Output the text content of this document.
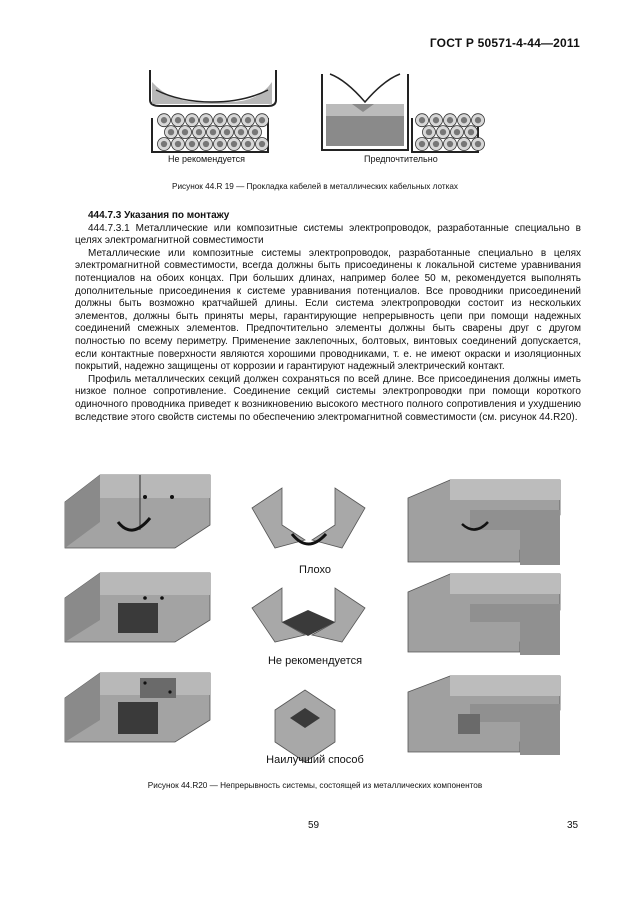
ГОСТ Р 50571-4-44—2011
Не рекомендуется	Предпочтительно
Рисунок 44.R 19 — Прокладка кабелей в металлических кабельных лотках

444.7.3 Указания по монтажу

444.7.3.1 Металлические или композитные системы электропроводок, разработанные специально в целях электромагнитной совместимости

Металлические или композитные системы электропроводок, разработанные специально в целях электромагнитной совместимости, всегда должны быть присоединены к локальной системе уравнивания потенциалов на обоих концах. При больших длинах, например более 50 м, рекомендуется выполнять дополнительные присоединения к системе уравнивания потенциалов. Все проводники присоединений должны быть возможно кратчайшей длины. Если система электропроводки состоит из нескольких элементов, должны быть приняты меры, гарантирующие непрерывность цепи при помощи надежных соединений смежных элементов. Предпочтительно элементы должны быть сварены друг с другом полностью по всему периметру. Применение заклепочных, болтовых, винтовых соединений допускается, если контактные поверхности являются хорошими проводниками, т. е. не имеют окраски и изоляционных покрытий, надежно защищены от коррозии и гарантируют надежный электрический контакт.

Профиль металлических секций должен сохраняться по всей длине. Все присоединения должны иметь низкое полное сопротивление. Соединение секций системы электропроводки при помощи короткого одиночного проводника приведет к возникновению высокого местного полного сопротивления и ухудшению вследствие этого свойств системы по обеспечению электромагнитной совместимости (см. рисунок 44.R20).

Плохо
Не рекомендуется
Наилучший способ
Рисунок 44.R20 — Непрерывность системы, состоящей из металлических компонентов
59	35
